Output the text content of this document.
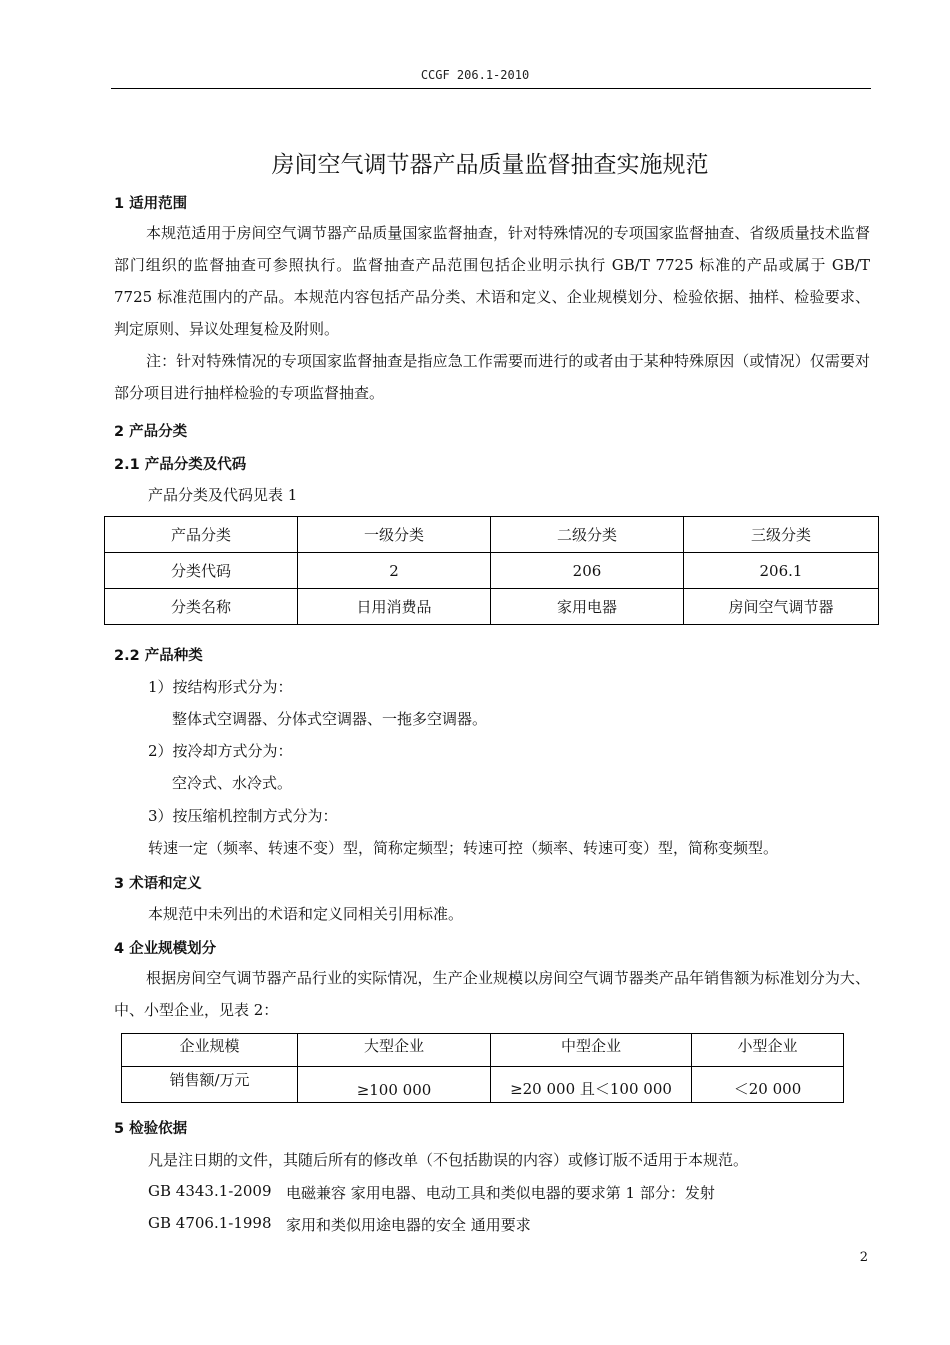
CCGF 206.1-2010
房间空气调节器产品质量监督抽查实施规范
1 适用范围

本规范适用于房间空气调节器产品质量国家监督抽查，针对特殊情况的专项国家监督抽查、省级质量技术监督部门组织的监督抽查可参照执行。监督抽查产品范围包括企业明示执行 GB/T 7725 标准的产品或属于 GB/T 7725 标准范围内的产品。本规范内容包括产品分类、术语和定义、企业规模划分、检验依据、抽样、检验要求、判定原则、异议处理复检及附则。

注：针对特殊情况的专项国家监督抽查是指应急工作需要而进行的或者由于某种特殊原因（或情况）仅需要对部分项目进行抽样检验的专项监督抽查。

2 产品分类
2.1 产品分类及代码
产品分类及代码见表 1
产品分类	一级分类	二级分类	三级分类
分类代码	2	206	206.1
分类名称	日用消费品	家用电器	房间空气调节器
2.2 产品种类
1）按结构形式分为：
整体式空调器、分体式空调器、一拖多空调器。
2）按冷却方式分为：
空冷式、水冷式。
3）按压缩机控制方式分为：
转速一定（频率、转速不变）型，简称定频型；转速可控（频率、转速可变）型，简称变频型。
3 术语和定义
本规范中未列出的术语和定义同相关引用标准。
4 企业规模划分

根据房间空气调节器产品行业的实际情况，生产企业规模以房间空气调节器类产品年销售额为标准划分为大、中、小型企业，见表 2：

企业规模	大型企业	中型企业	小型企业
销售额/万元	≥100 000	≥20 000 且＜100 000	＜20 000
5 检验依据
凡是注日期的文件，其随后所有的修改单（不包括勘误的内容）或修订版不适用于本规范。
GB 4343.1-2009 电磁兼容 家用电器、电动工具和类似电器的要求第 1 部分：发射
GB 4706.1-1998 家用和类似用途电器的安全 通用要求
2
